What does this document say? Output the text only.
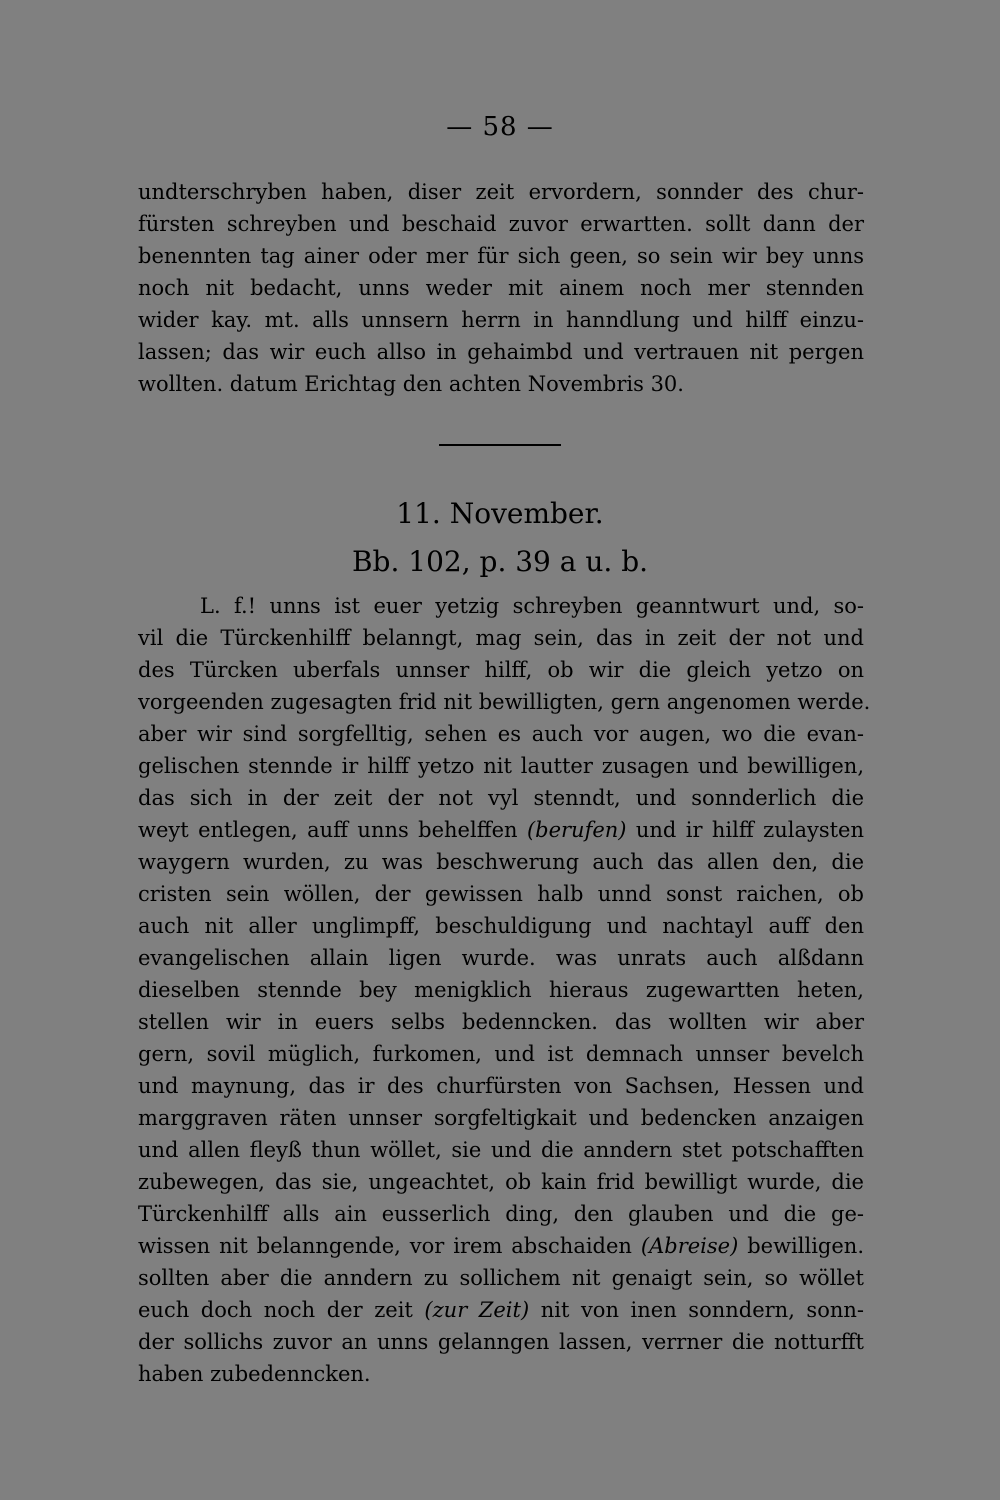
— 58 —
undterschryben haben, diser zeit ervordern, sonnder des chur-
fürsten schreyben und beschaid zuvor erwartten. sollt dann der
benennten tag ainer oder mer für sich geen, so sein wir bey unns
noch nit bedacht, unns weder mit ainem noch mer stennden
wider kay. mt. alls unnsern herrn in hanndlung und hilff einzu-
lassen; das wir euch allso in gehaimbd und vertrauen nit pergen
wollten. datum Erichtag den achten Novembris 30.
11. November.
Bb. 102, p. 39 a u. b.
L. f.! unns ist euer yetzig schreyben geanntwurt und, so-
vil die Türckenhilff belanngt, mag sein, das in zeit der not und
des Türcken uberfals unnser hilff, ob wir die gleich yetzo on
vorgeenden zugesagten frid nit bewilligten, gern angenomen werde.
aber wir sind sorgfelltig, sehen es auch vor augen, wo die evan-
gelischen stennde ir hilff yetzo nit lautter zusagen und bewilligen,
das sich in der zeit der not vyl stenndt, und sonnderlich die
weyt entlegen, auff unns behelffen (berufen) und ir hilff zulaysten
waygern wurden, zu was beschwerung auch das allen den, die
cristen sein wöllen, der gewissen halb unnd sonst raichen, ob
auch nit aller unglimpff, beschuldigung und nachtayl auff den
evangelischen allain ligen wurde. was unrats auch alßdann
dieselben stennde bey menigklich hieraus zugewartten heten,
stellen wir in euers selbs bedenncken. das wollten wir aber
gern, sovil müglich, furkomen, und ist demnach unnser bevelch
und maynung, das ir des churfürsten von Sachsen, Hessen und
marggraven räten unnser sorgfeltigkait und bedencken anzaigen
und allen fleyß thun wöllet, sie und die anndern stet potschafften
zubewegen, das sie, ungeachtet, ob kain frid bewilligt wurde, die
Türckenhilff alls ain eusserlich ding, den glauben und die ge-
wissen nit belanngende, vor irem abschaiden (Abreise) bewilligen.
sollten aber die anndern zu sollichem nit genaigt sein, so wöllet
euch doch noch der zeit (zur Zeit) nit von inen sonndern, sonn-
der sollichs zuvor an unns gelanngen lassen, verrner die notturfft
haben zubedenncken.
